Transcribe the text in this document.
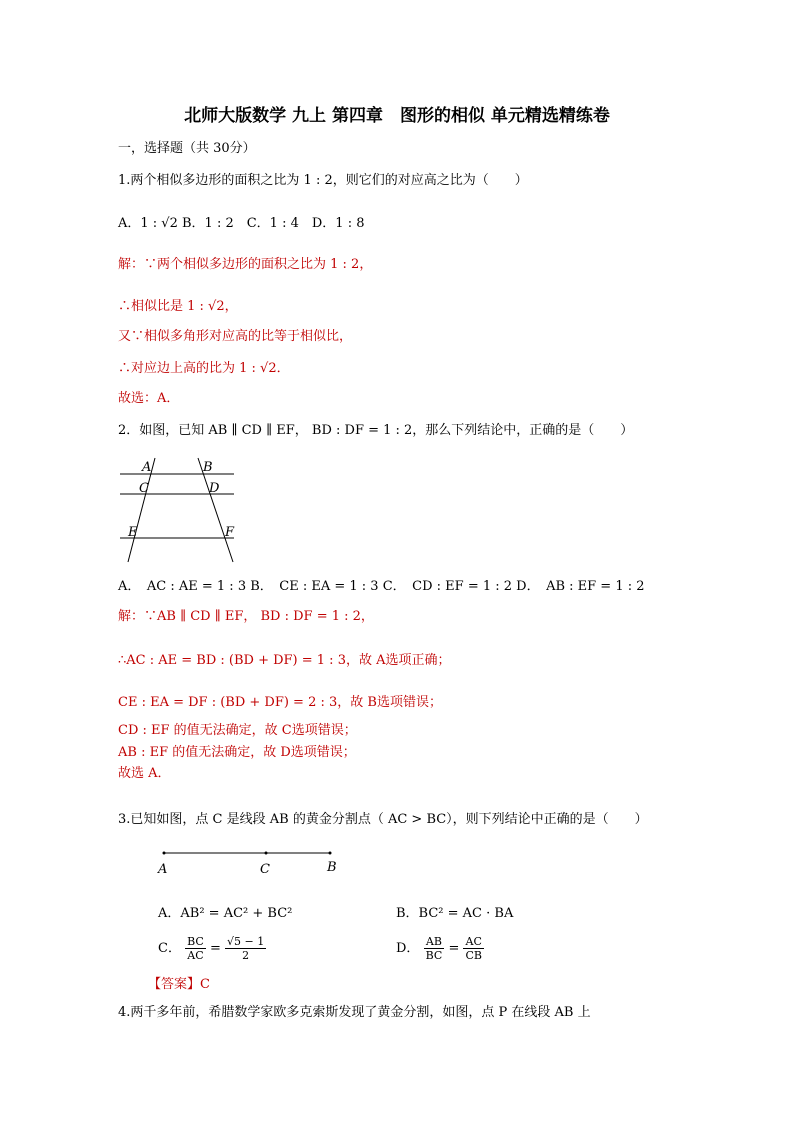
北师大版数学 九上 第四章　图形的相似 单元精选精练卷
一，选择题（共 30分）
1.两个相似多边形的面积之比为 1 : 2，则它们的对应高之比为（　　）
A．1 : √2 B．1 : 2　C．1 : 4　D．1 : 8
解：∵两个相似多边形的面积之比为 1 : 2，
∴相似比是 1 : √2，
又∵相似多角形对应高的比等于相似比，
∴对应边上高的比为 1 : √2．
故选：A．
2．如图，已知 AB ∥ CD ∥ EF， BD : DF = 1 : 2，那么下列结论中，正确的是（　　）
A	B
C	D
E	F
A．　AC : AE = 1 : 3 B．　CE : EA = 1 : 3 C．　CD : EF = 1 : 2 D．　AB : EF = 1 : 2
解：∵AB ∥ CD ∥ EF， BD : DF = 1 : 2，
∴AC : AE = BD : (BD + DF) = 1 : 3，故 A选项正确；
CE : EA = DF : (BD + DF) = 2 : 3，故 B选项错误；
CD : EF 的值无法确定，故 C选项错误；
AB : EF 的值无法确定，故 D选项错误；
故选 A．
3.已知如图，点 C 是线段 AB 的黄金分割点（ AC > BC），则下列结论中正确的是（　　）
A	C	B
A．AB² = AC² + BC²	B．BC² = AC · BA
C． $\frac{BC}{AC} = \frac{√5 - 1}{2}$	D． $\frac{AB}{BC} = \frac{AC}{CB}$
【答案】C
4.两千多年前，希腊数学家欧多克索斯发现了黄金分割，如图，点 P 在线段 AB 上
